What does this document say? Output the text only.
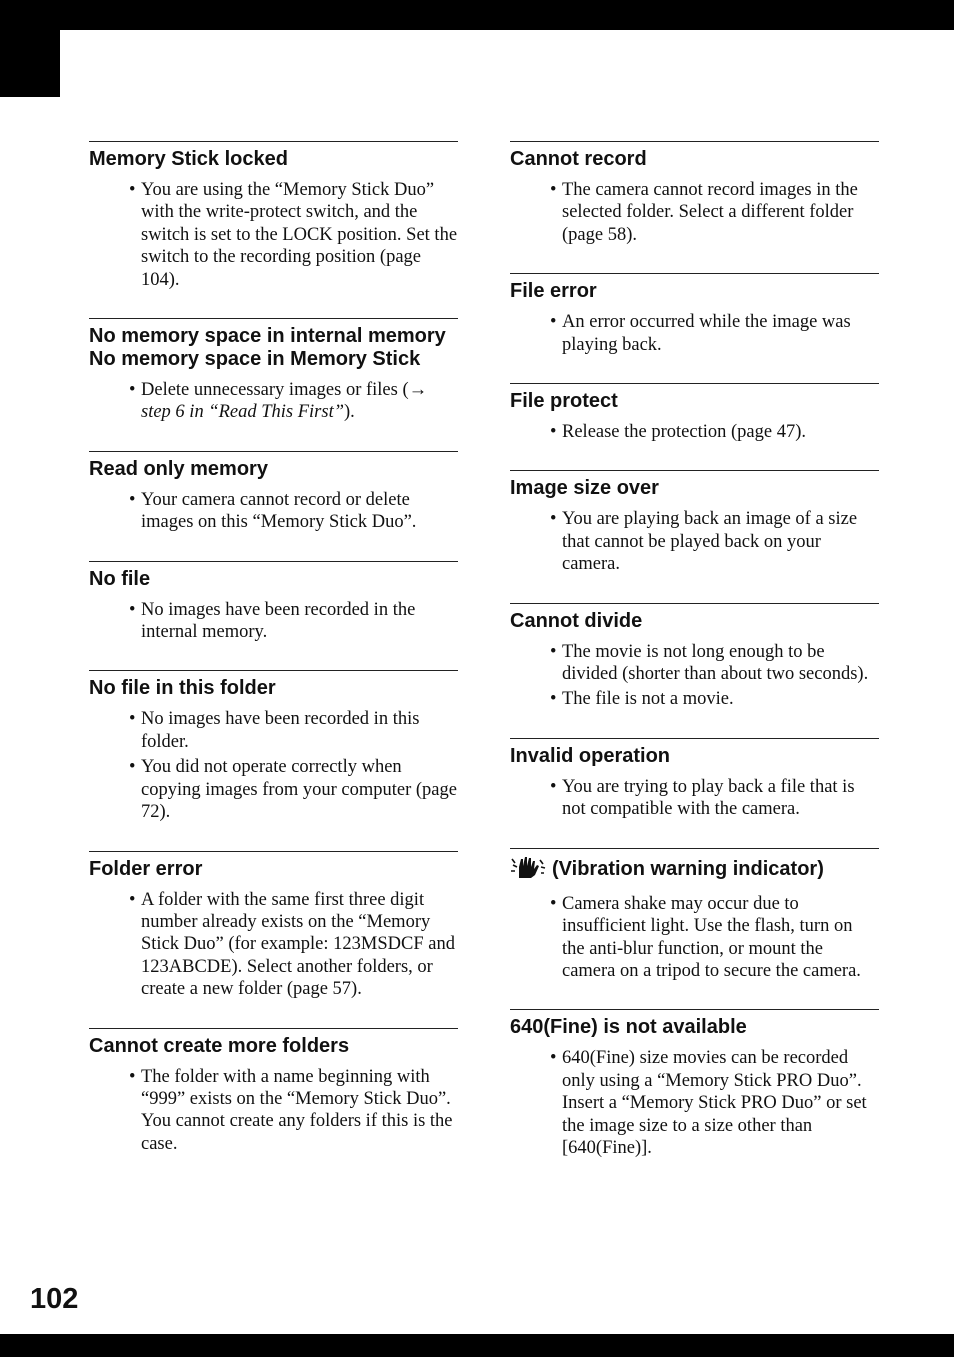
Memory Stick locked
• You are using the “Memory Stick Duo” with the write-protect switch, and the switch is set to the LOCK position. Set the switch to the recording position (page 104).
No memory space in internal memory
No memory space in Memory Stick
• Delete unnecessary images or files (→ step 6 in “Read This First”).
Read only memory
• Your camera cannot record or delete images on this “Memory Stick Duo”.
No file
• No images have been recorded in the internal memory.
No file in this folder
• No images have been recorded in this folder.
• You did not operate correctly when copying images from your computer (page 72).
Folder error
• A folder with the same first three digit number already exists on the “Memory Stick Duo” (for example: 123MSDCF and 123ABCDE). Select another folders, or create a new folder (page 57).
Cannot create more folders
• The folder with a name beginning with “999” exists on the “Memory Stick Duo”. You cannot create any folders if this is the case.
Cannot record
• The camera cannot record images in the selected folder. Select a different folder (page 58).
File error
• An error occurred while the image was playing back.
File protect
• Release the protection (page 47).
Image size over
• You are playing back an image of a size that cannot be played back on your camera.
Cannot divide
• The movie is not long enough to be divided (shorter than about two seconds).
• The file is not a movie.
Invalid operation
• You are trying to play back a file that is not compatible with the camera.
(Vibration warning indicator)
• Camera shake may occur due to insufficient light. Use the flash, turn on the anti-blur function, or mount the camera on a tripod to secure the camera.
640(Fine) is not available
• 640(Fine) size movies can be recorded only using a “Memory Stick PRO Duo”. Insert a “Memory Stick PRO Duo” or set the image size to a size other than [640(Fine)].
102
